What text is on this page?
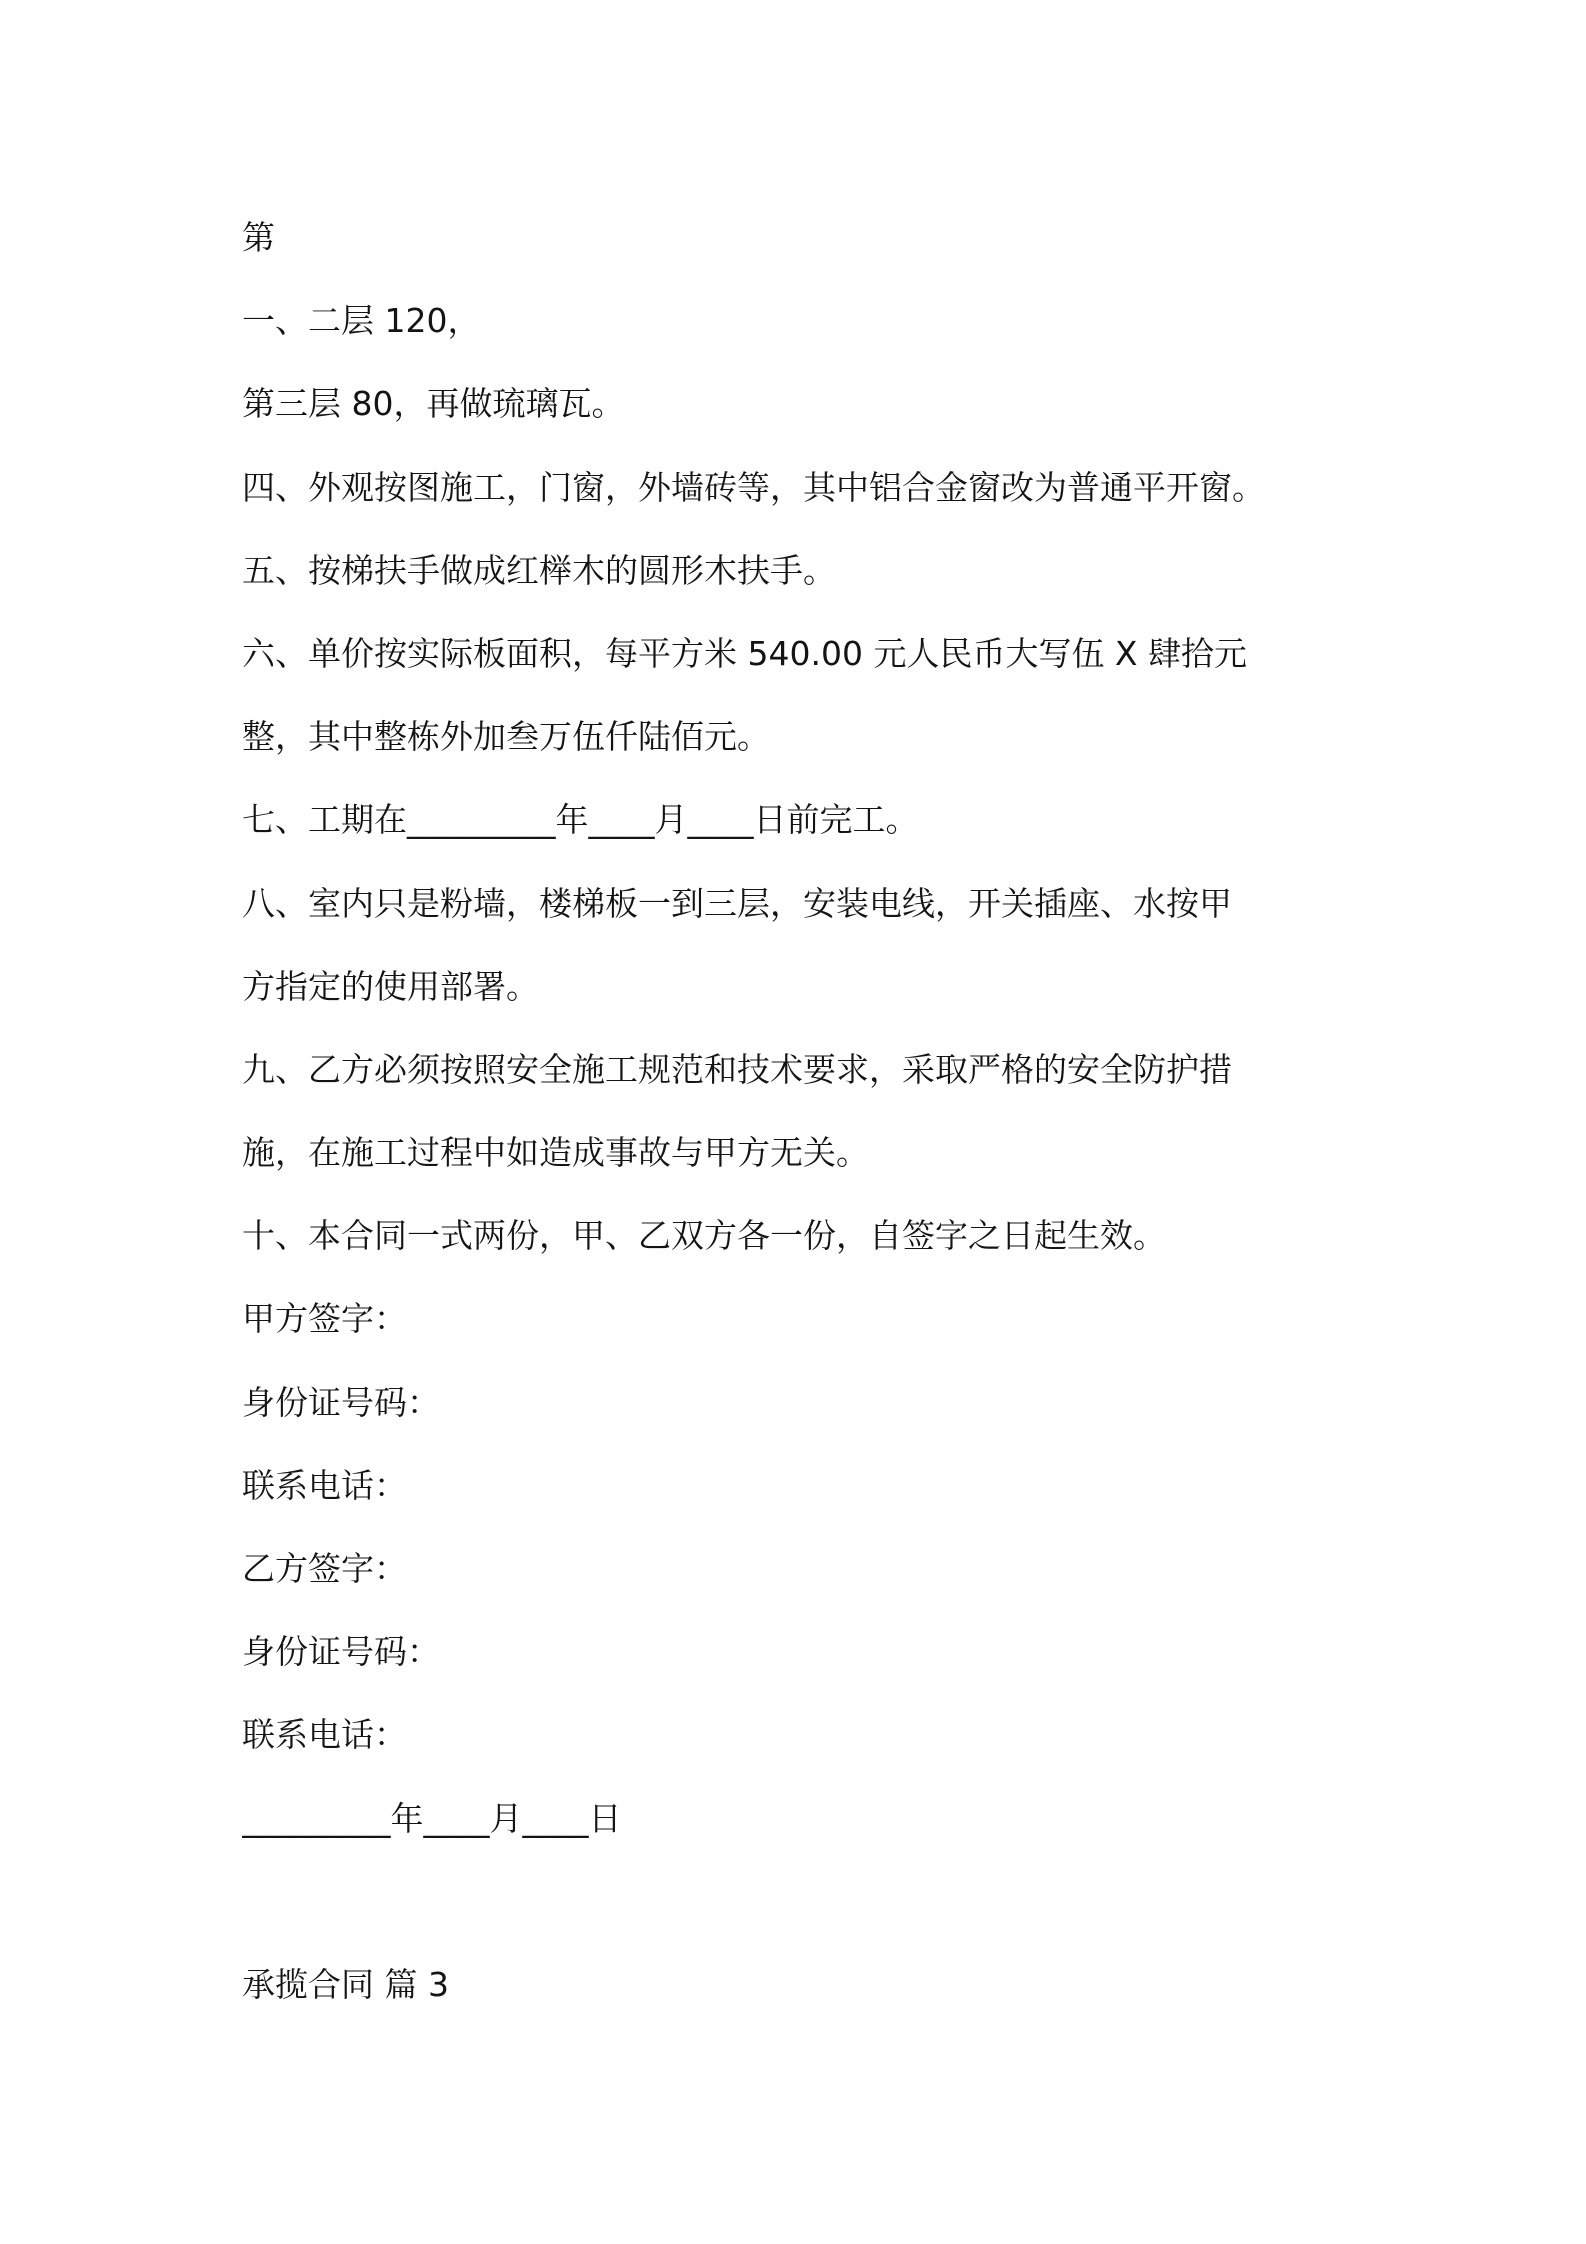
第
一、二层 120，
第三层 80，再做琉璃瓦。
四、外观按图施工，门窗，外墙砖等，其中铝合金窗改为普通平开窗。
五、按梯扶手做成红榉木的圆形木扶手。
六、单价按实际板面积，每平方米 540.00 元人民币大写伍 X 肆拾元
整，其中整栋外加叁万伍仟陆佰元。
七、工期在_________年____月____日前完工。
八、室内只是粉墙，楼梯板一到三层，安装电线，开关插座、水按甲
方指定的使用部署。
九、乙方必须按照安全施工规范和技术要求，采取严格的安全防护措
施，在施工过程中如造成事故与甲方无关。
十、本合同一式两份，甲、乙双方各一份，自签字之日起生效。
甲方签字：
身份证号码：
联系电话：
乙方签字：
身份证号码：
联系电话：
_________年____月____日
承揽合同 篇 3
